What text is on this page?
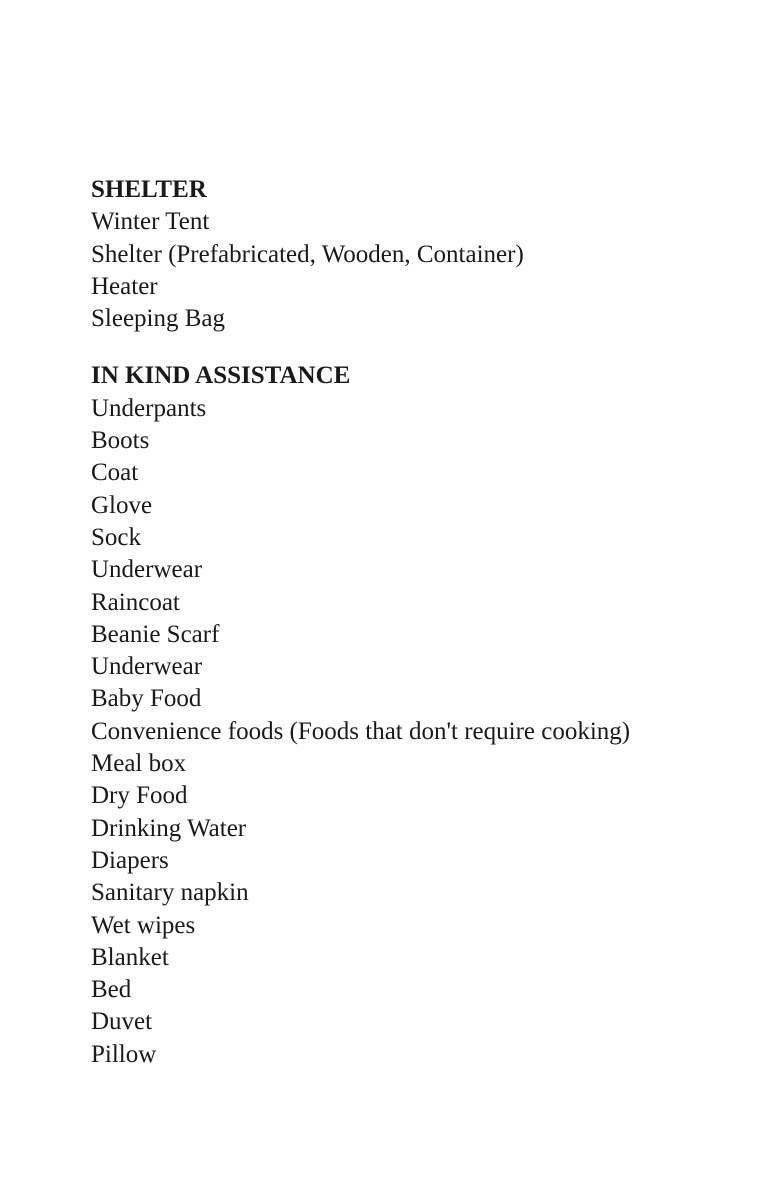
SHELTER
Winter Tent
Shelter (Prefabricated, Wooden, Container)
Heater
Sleeping Bag
IN KIND ASSISTANCE
Underpants
Boots
Coat
Glove
Sock
Underwear
Raincoat
Beanie Scarf
Underwear
Baby Food
Convenience foods (Foods that don't require cooking)
Meal box
Dry Food
Drinking Water
Diapers
Sanitary napkin
Wet wipes
Blanket
Bed
Duvet
Pillow
